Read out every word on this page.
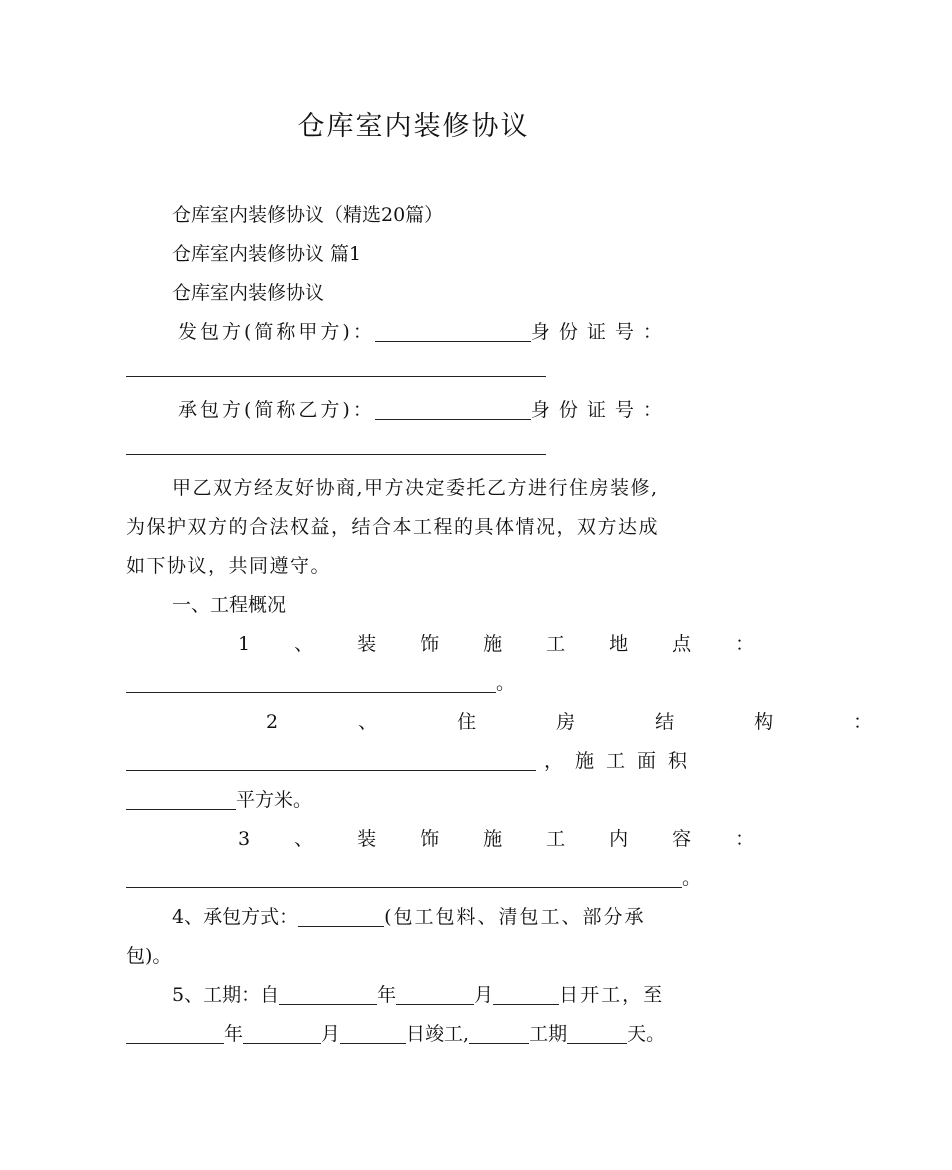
仓库室内装修协议
仓库室内装修协议（精选20篇）
仓库室内装修协议 篇1
仓库室内装修协议
发包方(简称甲方)：	身份证号：
承包方(简称乙方)：	身份证号：
甲乙双方经友好协商,甲方决定委托乙方进行住房装修,
为保护双方的合法权益，结合本工程的具体情况，双方达成
如下协议，共同遵守。
一、工程概况
1、装饰施工地点：
。
2、住房结构：
，施工面积
平方米。
3、装饰施工内容：
。
4、承包方式：	(包工包料、清包工、部分承
包)。
5、工期：自	年	月	日开工，至
年	月	日竣工,	工期	天。
